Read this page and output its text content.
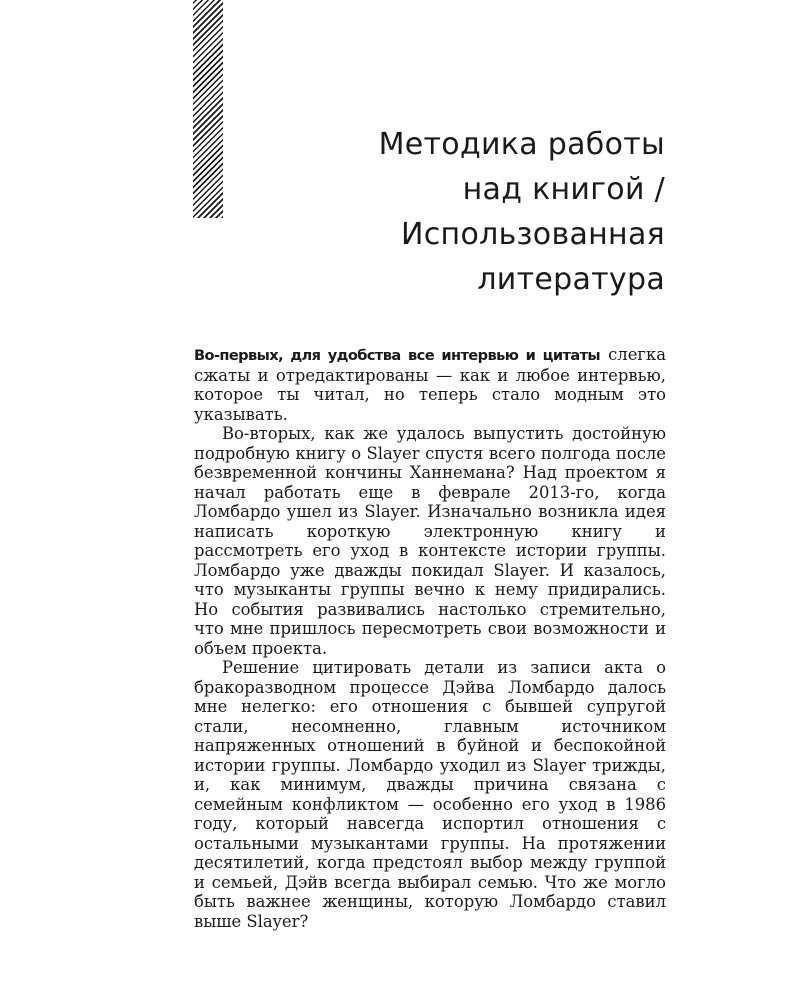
Методика работы
над книгой /
Использованная
литература

Во-первых, для удобства все интервью и цитаты слегка сжаты и отредактированы — как и любое интервью, которое ты читал, но теперь стало модным это указывать.

Во-вторых, как же удалось выпустить достойную подробную книгу о Slayer спустя всего полгода после безвременной кончины Ханнемана? Над проектом я начал работать еще в феврале 2013-го, когда Ломбардо ушел из Slayer. Изначально возникла идея написать короткую электронную книгу и рассмотреть его уход в контексте истории группы. Ломбардо уже дважды покидал Slayer. И казалось, что музыканты группы вечно к нему придирались. Но события развивались настолько стремительно, что мне пришлось пересмотреть свои возможности и объем проекта.

Решение цитировать детали из записи акта о бракоразводном процессе Дэйва Ломбардо далось мне нелегко: его отношения с бывшей супругой стали, несомненно, главным источником напряженных отношений в буйной и беспокойной истории группы. Ломбардо уходил из Slayer трижды, и, как минимум, дважды причина связана с семейным конфликтом — особенно его уход в 1986 году, который навсегда испортил отношения с остальными музыкантами группы. На протяжении десятилетий, когда предстоял выбор между группой и семьей, Дэйв всегда выбирал семью. Что же могло быть важнее женщины, которую Ломбардо ставил выше Slayer?
